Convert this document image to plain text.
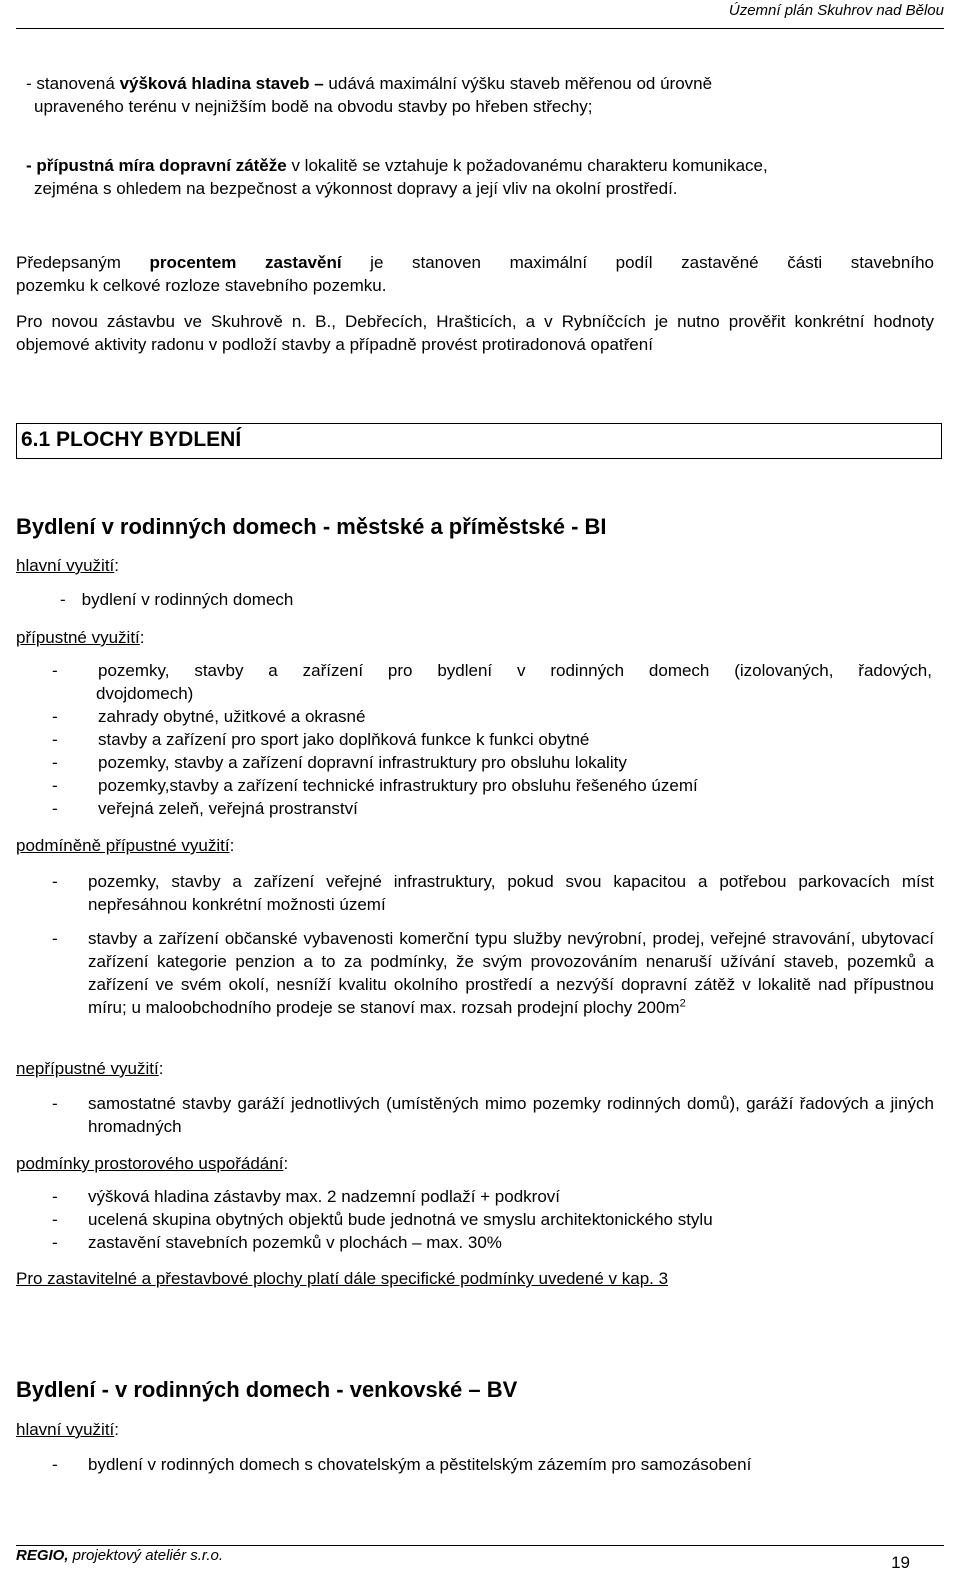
Územní plán Skuhrov nad Bělou
- stanovená výšková hladina staveb – udává maximální výšku staveb měřenou od úrovně
upraveného terénu v nejnižším bodě na obvodu stavby po hřeben střechy;
- přípustná míra dopravní zátěže v lokalitě se vztahuje k požadovanému charakteru komunikace,
zejména s ohledem na bezpečnost a výkonnost dopravy a její vliv na okolní prostředí.
Předepsaným procentem zastavění je stanoven maximální podíl zastavěné části stavebního
pozemku k celkové rozloze stavebního pozemku.
Pro novou zástavbu ve Skuhrově n. B., Debřecích, Hrašticích, a v Rybníčcích je nutno prověřit konkrétní hodnoty objemové aktivity radonu v podloží stavby a případně provést protiradonová opatření
6.1 PLOCHY BYDLENÍ
Bydlení v rodinných domech - městské a příměstské - BI
hlavní využití:
- bydlení v rodinných domech
přípustné využití:
- pozemky, stavby a zařízení pro bydlení v rodinných domech (izolovaných, řadových,
dvojdomech)
- zahrady obytné, užitkové a okrasné
- stavby a zařízení pro sport jako doplňková funkce k funkci obytné
- pozemky, stavby a zařízení dopravní infrastruktury pro obsluhu lokality
- pozemky,stavby a zařízení technické infrastruktury pro obsluhu řešeného území
- veřejná zeleň, veřejná prostranství
podmíněně přípustné využití:
- pozemky, stavby a zařízení veřejné infrastruktury, pokud svou kapacitou a potřebou parkovacích míst nepřesáhnou konkrétní možnosti území
- stavby a zařízení občanské vybavenosti komerční typu služby nevýrobní, prodej, veřejné stravování, ubytovací zařízení kategorie penzion a to za podmínky, že svým provozováním nenaruší užívání staveb, pozemků a zařízení ve svém okolí, nesníží kvalitu okolního prostředí a nezvýší dopravní zátěž v lokalitě nad přípustnou míru; u maloobchodního prodeje se stanoví max. rozsah prodejní plochy $200m^2$
nepřípustné využití:
- samostatné stavby garáží jednotlivých (umístěných mimo pozemky rodinných domů), garáží řadových a jiných hromadných
podmínky prostorového uspořádání:
- výšková hladina zástavby max. 2 nadzemní podlaží + podkroví
- ucelená skupina obytných objektů bude jednotná ve smyslu architektonického stylu
- zastavění stavebních pozemků v plochách – max. 30%
Pro zastavitelné a přestavbové plochy platí dále specifické podmínky uvedené v kap. 3
Bydlení - v rodinných domech - venkovské – BV
hlavní využití:
- bydlení v rodinných domech s chovatelským a pěstitelským zázemím pro samozásobení
REGIO, projektový ateliér s.r.o.	19
